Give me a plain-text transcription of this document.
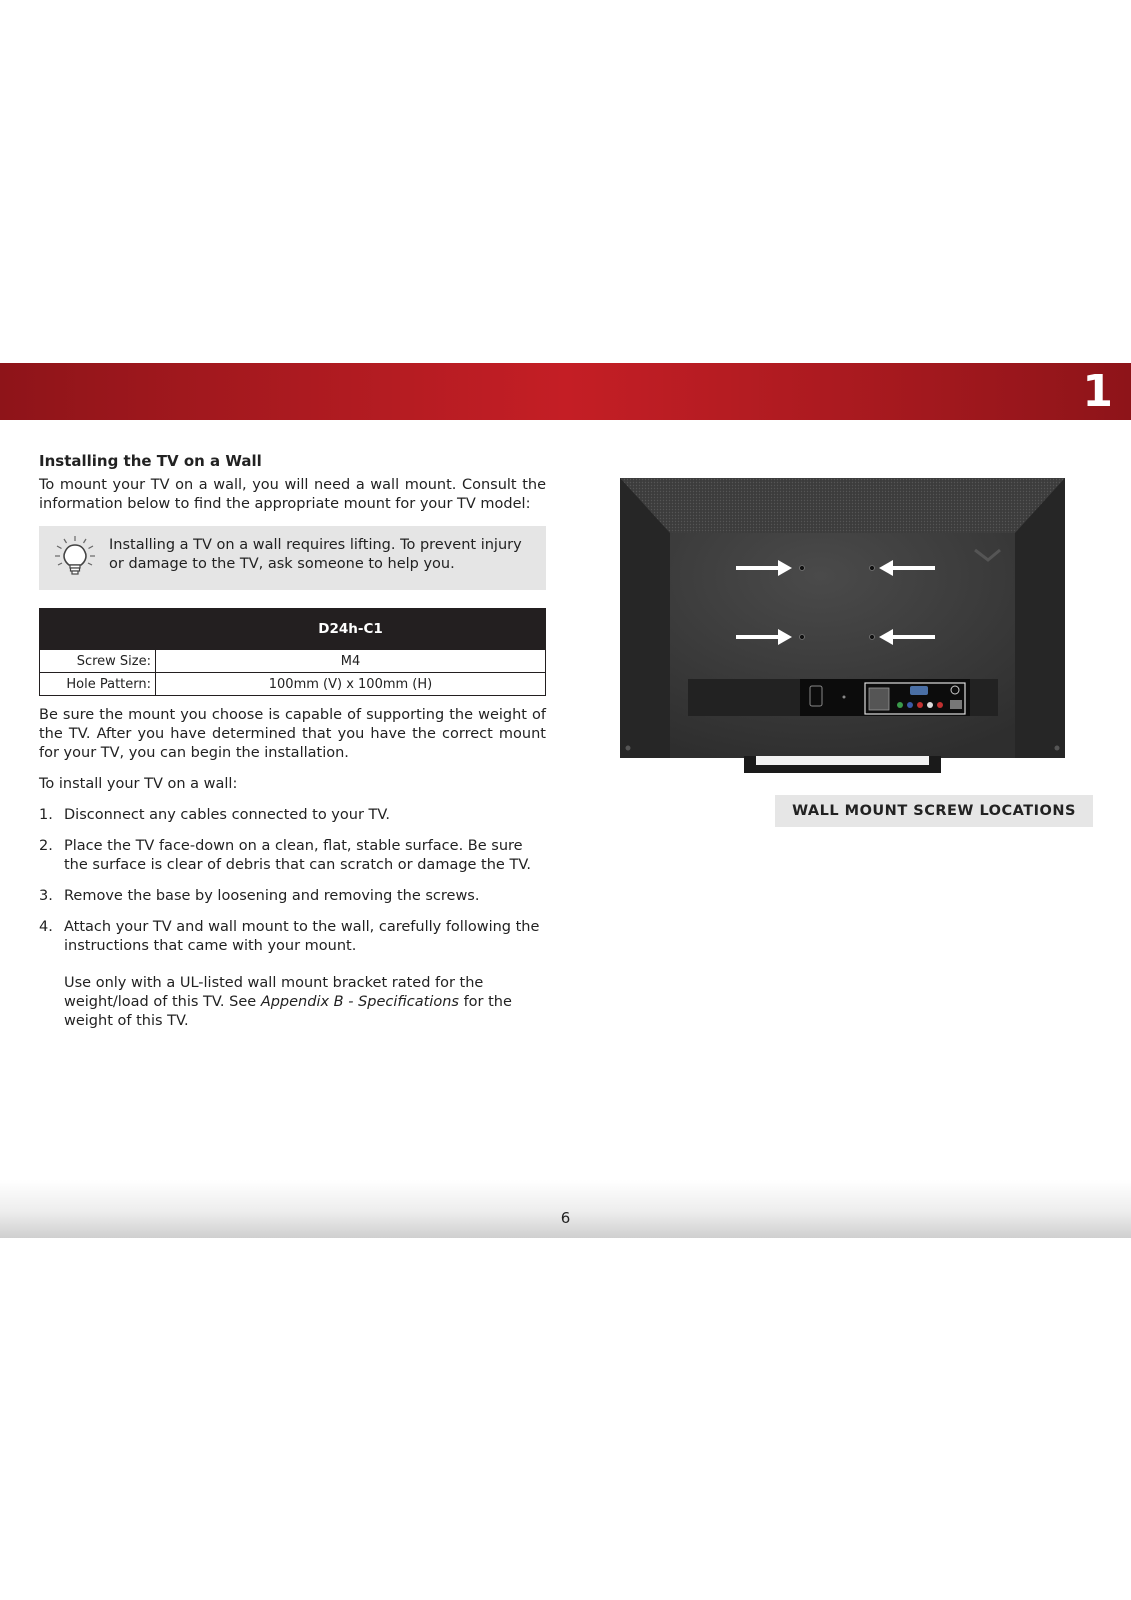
1
Installing the TV on a Wall

To mount your TV on a wall, you will need a wall mount. Consult the information below to find the appropriate mount for your TV model:

Installing a TV on a wall requires lifting. To prevent injury or damage to the TV, ask someone to help you.
	D24h-C1
Screw Size:	M4
Hole Pattern:	100mm (V) x 100mm (H)

Be sure the mount you choose is capable of supporting the weight of the TV. After you have determined that you have the correct mount for your TV, you can begin the installation.

To install your TV on a wall:

1. Disconnect any cables connected to your TV.
2. Place the TV face-down on a clean, flat, stable surface. Be sure the surface is clear of debris that can scratch or damage the TV.
3. Remove the base by loosening and removing the screws.
4. Attach your TV and wall mount to the wall, carefully following the instructions that came with your mount.
Use only with a UL-listed wall mount bracket rated for the weight/load of this TV. See Appendix B - Specifications for the weight of this TV.
WALL MOUNT SCREW LOCATIONS
6
